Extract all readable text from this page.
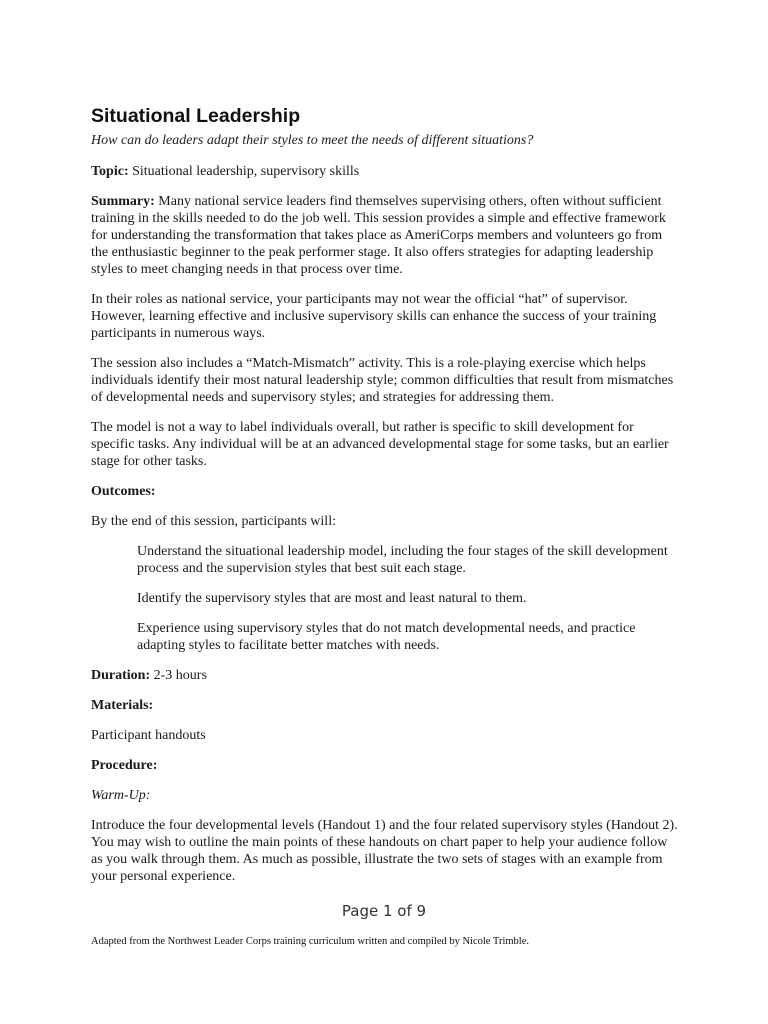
Situational Leadership

How can do leaders adapt their styles to meet the needs of different situations?

Topic: Situational leadership, supervisory skills

Summary: Many national service leaders find themselves supervising others, often without sufficient training in the skills needed to do the job well. This session provides a simple and effective framework for understanding the transformation that takes place as AmeriCorps members and volunteers go from the enthusiastic beginner to the peak performer stage. It also offers strategies for adapting leadership styles to meet changing needs in that process over time.

In their roles as national service, your participants may not wear the official “hat” of supervisor. However, learning effective and inclusive supervisory skills can enhance the success of your training participants in numerous ways.

The session also includes a “Match-Mismatch” activity. This is a role-playing exercise which helps individuals identify their most natural leadership style; common difficulties that result from mismatches of developmental needs and supervisory styles; and strategies for addressing them.

The model is not a way to label individuals overall, but rather is specific to skill development for specific tasks. Any individual will be at an advanced developmental stage for some tasks, but an earlier stage for other tasks.

Outcomes:

By the end of this session, participants will:

Understand the situational leadership model, including the four stages of the skill development process and the supervision styles that best suit each stage.

Identify the supervisory styles that are most and least natural to them.

Experience using supervisory styles that do not match developmental needs, and practice adapting styles to facilitate better matches with needs.

Duration: 2-3 hours

Materials:

Participant handouts

Procedure:

Warm-Up:

Introduce the four developmental levels (Handout 1) and the four related supervisory styles (Handout 2). You may wish to outline the main points of these handouts on chart paper to help your audience follow as you walk through them. As much as possible, illustrate the two sets of stages with an example from your personal experience.

Page 1 of 9
Adapted from the Northwest Leader Corps training curriculum written and compiled by Nicole Trimble.
